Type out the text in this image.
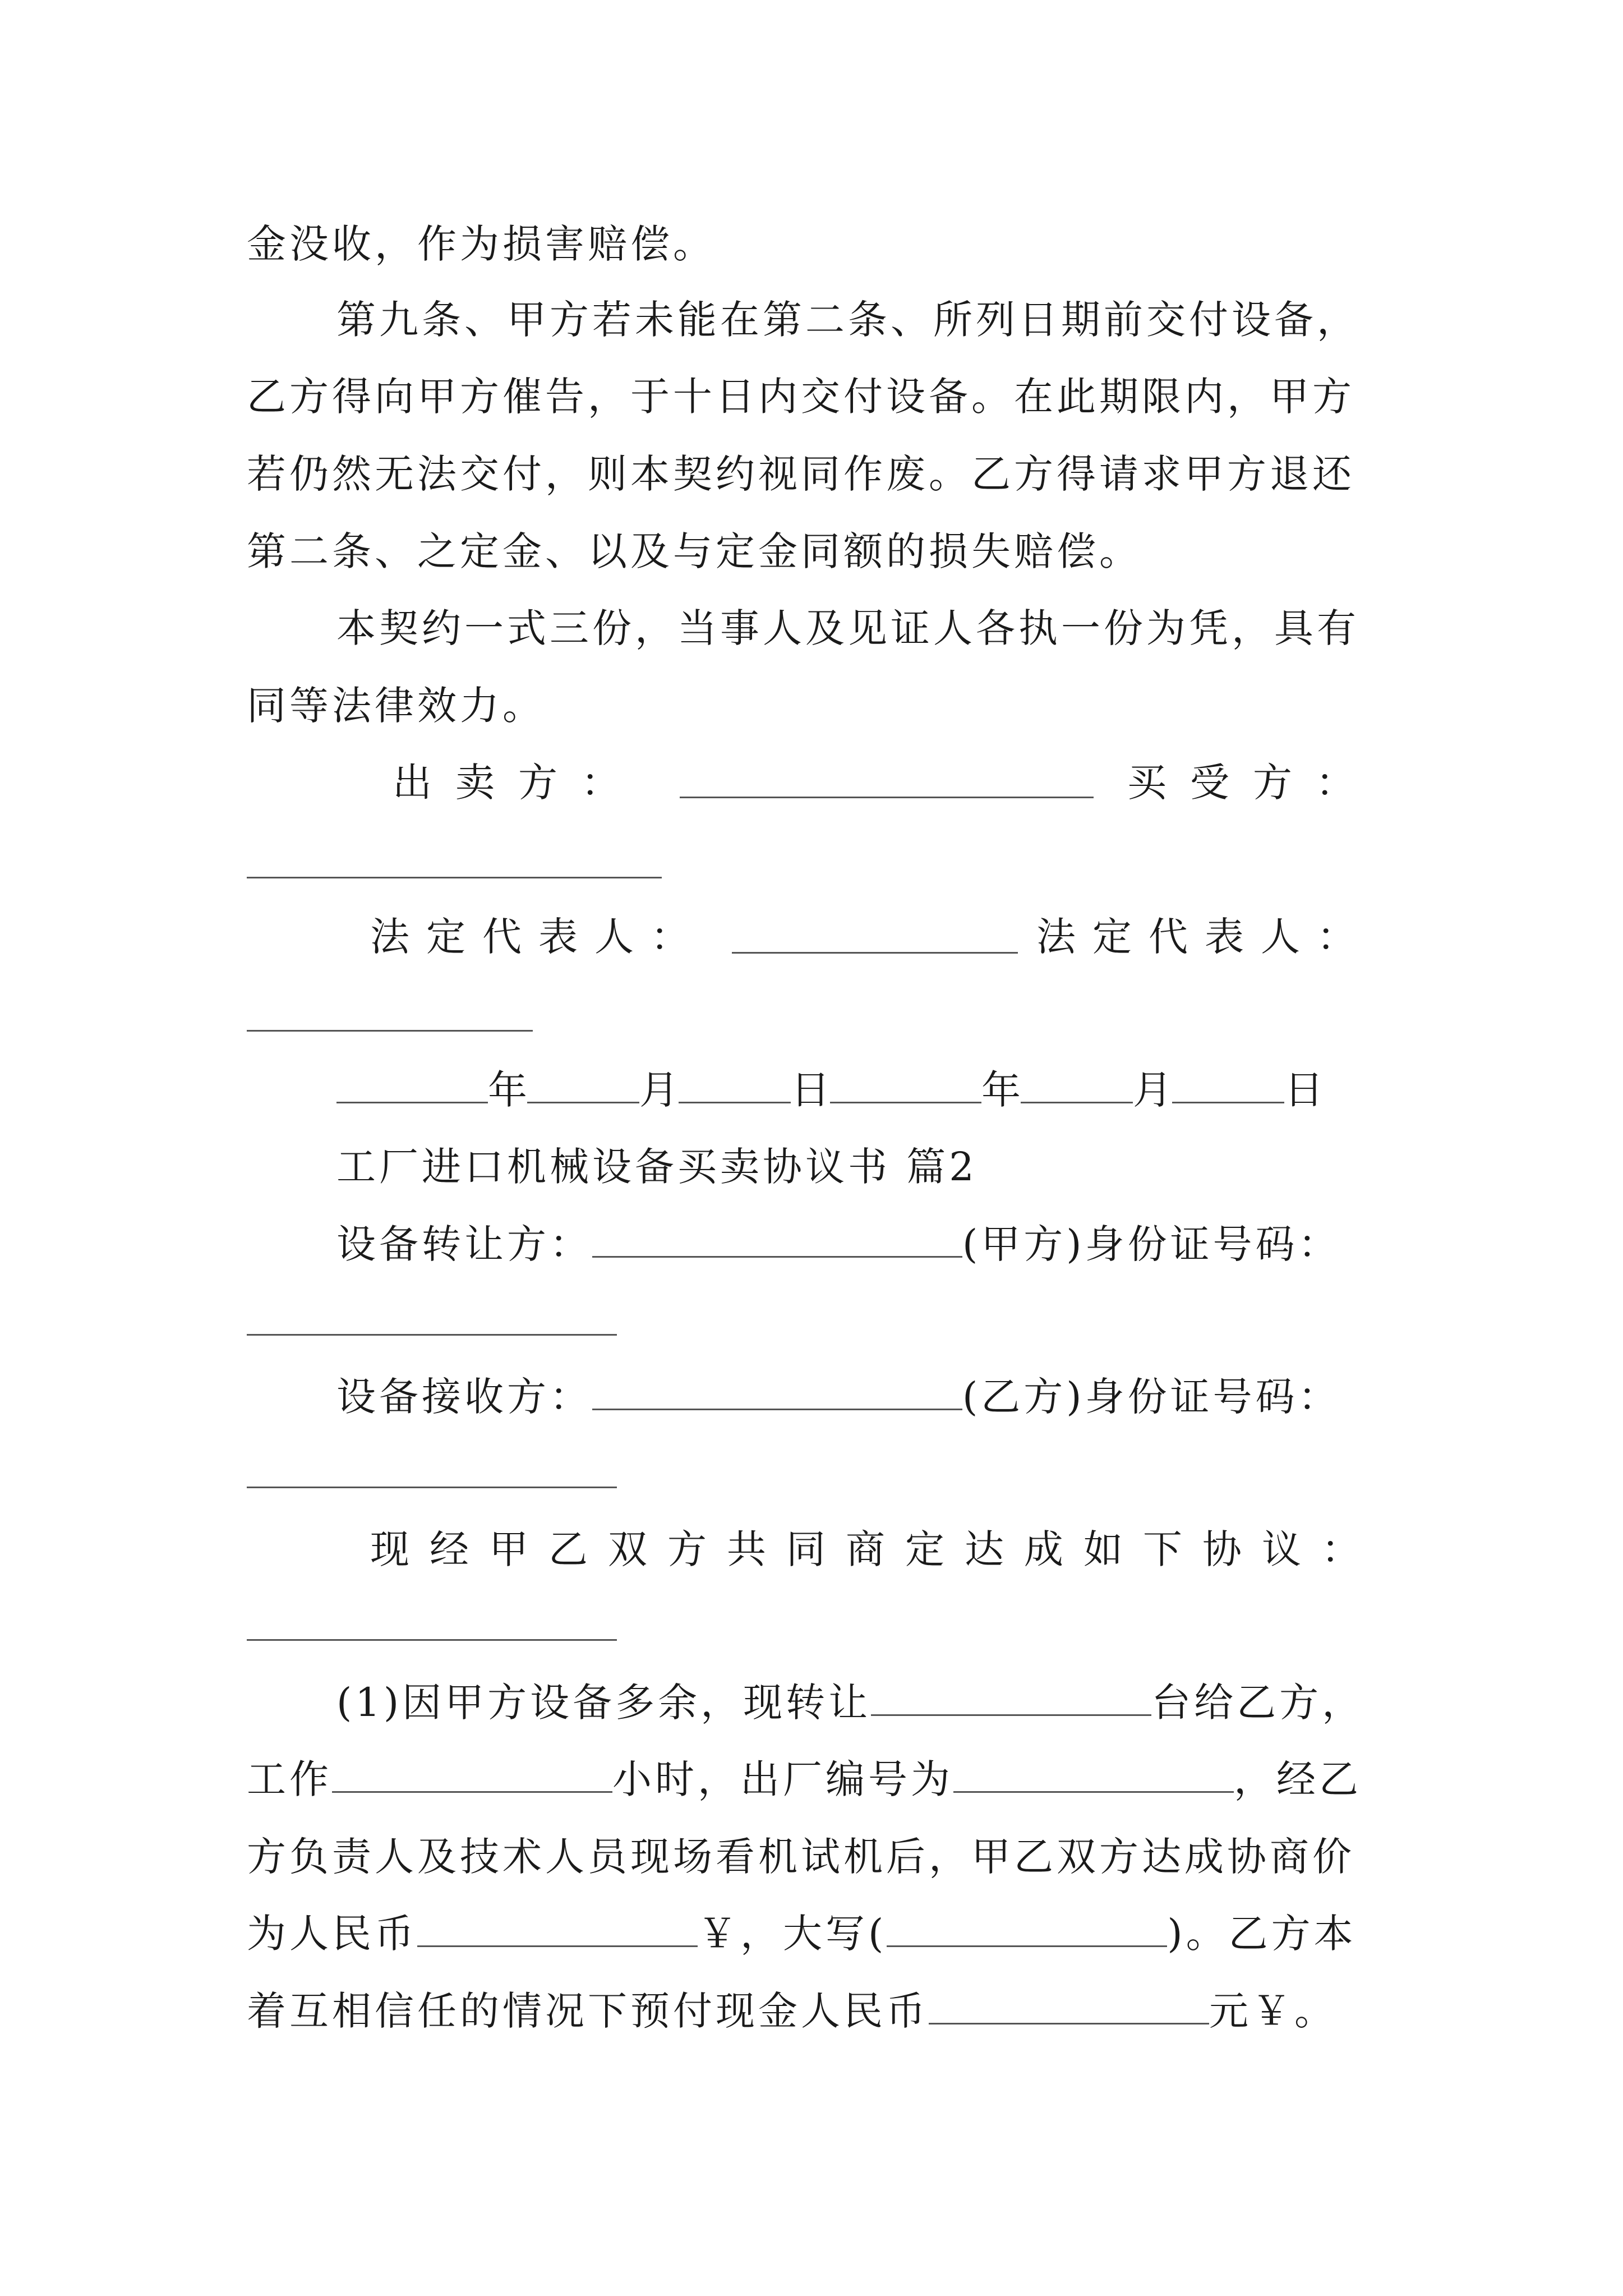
金没收，作为损害赔偿。
第九条、甲方若未能在第二条、所列日期前交付设备，
乙方得向甲方催告，于十日内交付设备。在此期限内，甲方
若仍然无法交付，则本契约视同作废。乙方得请求甲方退还
第二条、之定金、以及与定金同额的损失赔偿。
本契约一式三份，当事人及见证人各执一份为凭，具有
同等法律效力。
出卖方：	买受方：
法定代表人：	法定代表人：
年	月	日	年	月	日
工厂进口机械设备买卖协议书 篇2
设备转让方：	(甲方)身份证号码：
设备接收方：	(乙方)身份证号码：
现经甲乙双方共同商定达成如下协议：
(1)因甲方设备多余，现转让	台给乙方，
工作	小时，出厂编号为	，经乙
方负责人及技术人员现场看机试机后，甲乙双方达成协商价
为人民币	￥，大写(	)。乙方本
着互相信任的情况下预付现金人民币	元￥。
